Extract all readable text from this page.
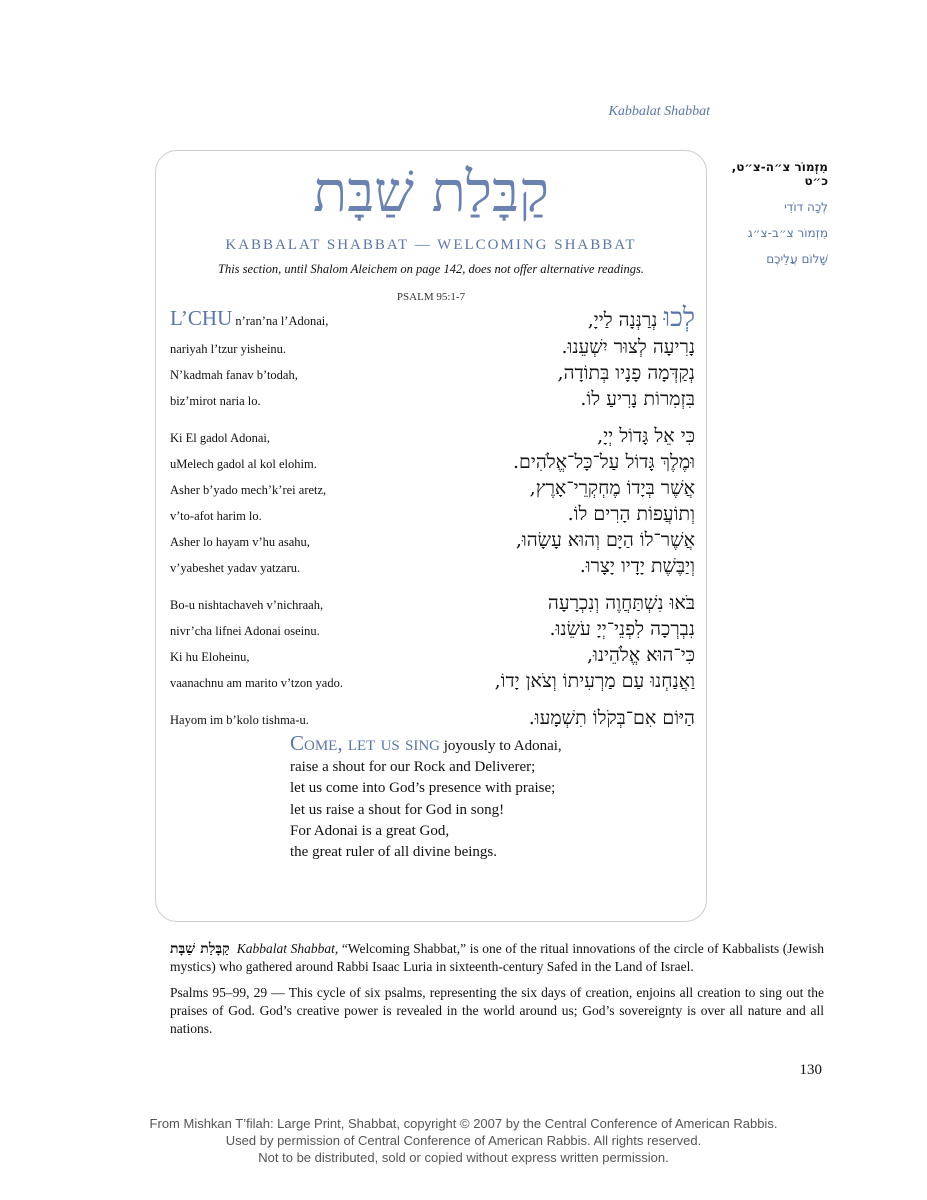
Kabbalat Shabbat
מִזְמוֹר צ״ה-צ״ט, כ״ט
לְכָה דוֹדִי
מִזְמוֹר צ״ב-צ״ג
שָׁלוֹם עֲלֵיכֶם
קַבָּלַת שַׁבָּת
KABBALAT SHABBAT — WELCOMING SHABBAT
This section, until Shalom Aleichem on page 142, does not offer alternative readings.
PSALM 95:1-7
L’CHU n’ran’na l’Adonai,	לְכוּ נְרַנְּנָה לַייָ,
nariyah l’tzur yisheinu.	נָרִיעָה לְצוּר יִשְׁעֵנוּ.
N’kadmah fanav b’todah,	נְקַדְּמָה פָנָיו בְּתוֹדָה,
biz’mirot naria lo.	בִּזְמִרוֹת נָרִיעַ לוֹ.
Ki El gadol Adonai,	כִּי אֵל גָּדוֹל יְיָ,
uMelech gadol al kol elohim.	וּמֶלֶךְ גָּדוֹל עַל־כָּל־אֱלֹהִים.
Asher b’yado mech’k’rei aretz,	אֲשֶׁר בְּיָדוֹ מֶחְקְרֵי־אָרֶץ,
v’to-afot harim lo.	וְתוֹעֲפוֹת הָרִים לוֹ.
Asher lo hayam v’hu asahu,	אֲשֶׁר־לוֹ הַיָּם וְהוּא עָשָׂהוּ,
v’yabeshet yadav yatzaru.	וְיַבֶּשֶׁת יָדָיו יָצָרוּ.
Bo-u nishtachaveh v’nichraah,	בֹּאוּ נִשְׁתַּחֲוֶה וְנִכְרָעָה
nivr’cha lifnei Adonai oseinu.	נִבְרְכָה לִפְנֵי־יְיָ עֹשֵׂנוּ.
Ki hu Eloheinu,	כִּי־הוּא אֱלֹהֵינוּ,
vaanachnu am marito v’tzon yado.	וַאֲנַחְנוּ עַם מַרְעִיתוֹ וְצֹאן יָדוֹ,
Hayom im b’kolo tishma-u.	הַיּוֹם אִם־בְּקֹלוֹ תִשְׁמָעוּ.
Come, let us sing joyously to Adonai,
raise a shout for our Rock and Deliverer;
let us come into God’s presence with praise;
let us raise a shout for God in song!
For Adonai is a great God,
the great ruler of all divine beings.

קַבָּלַת שַׁבָּת Kabbalat Shabbat, “Welcoming Shabbat,” is one of the ritual innovations of the circle of Kabbalists (Jewish mystics) who gathered around Rabbi Isaac Luria in sixteenth-century Safed in the Land of Israel.

Psalms 95–99, 29 — This cycle of six psalms, representing the six days of creation, enjoins all creation to sing out the praises of God. God’s creative power is revealed in the world around us; God’s sovereignty is over all nature and all nations.

130
From Mishkan T’filah: Large Print, Shabbat, copyright © 2007 by the Central Conference of American Rabbis.
Used by permission of Central Conference of American Rabbis. All rights reserved.
Not to be distributed, sold or copied without express written permission.
